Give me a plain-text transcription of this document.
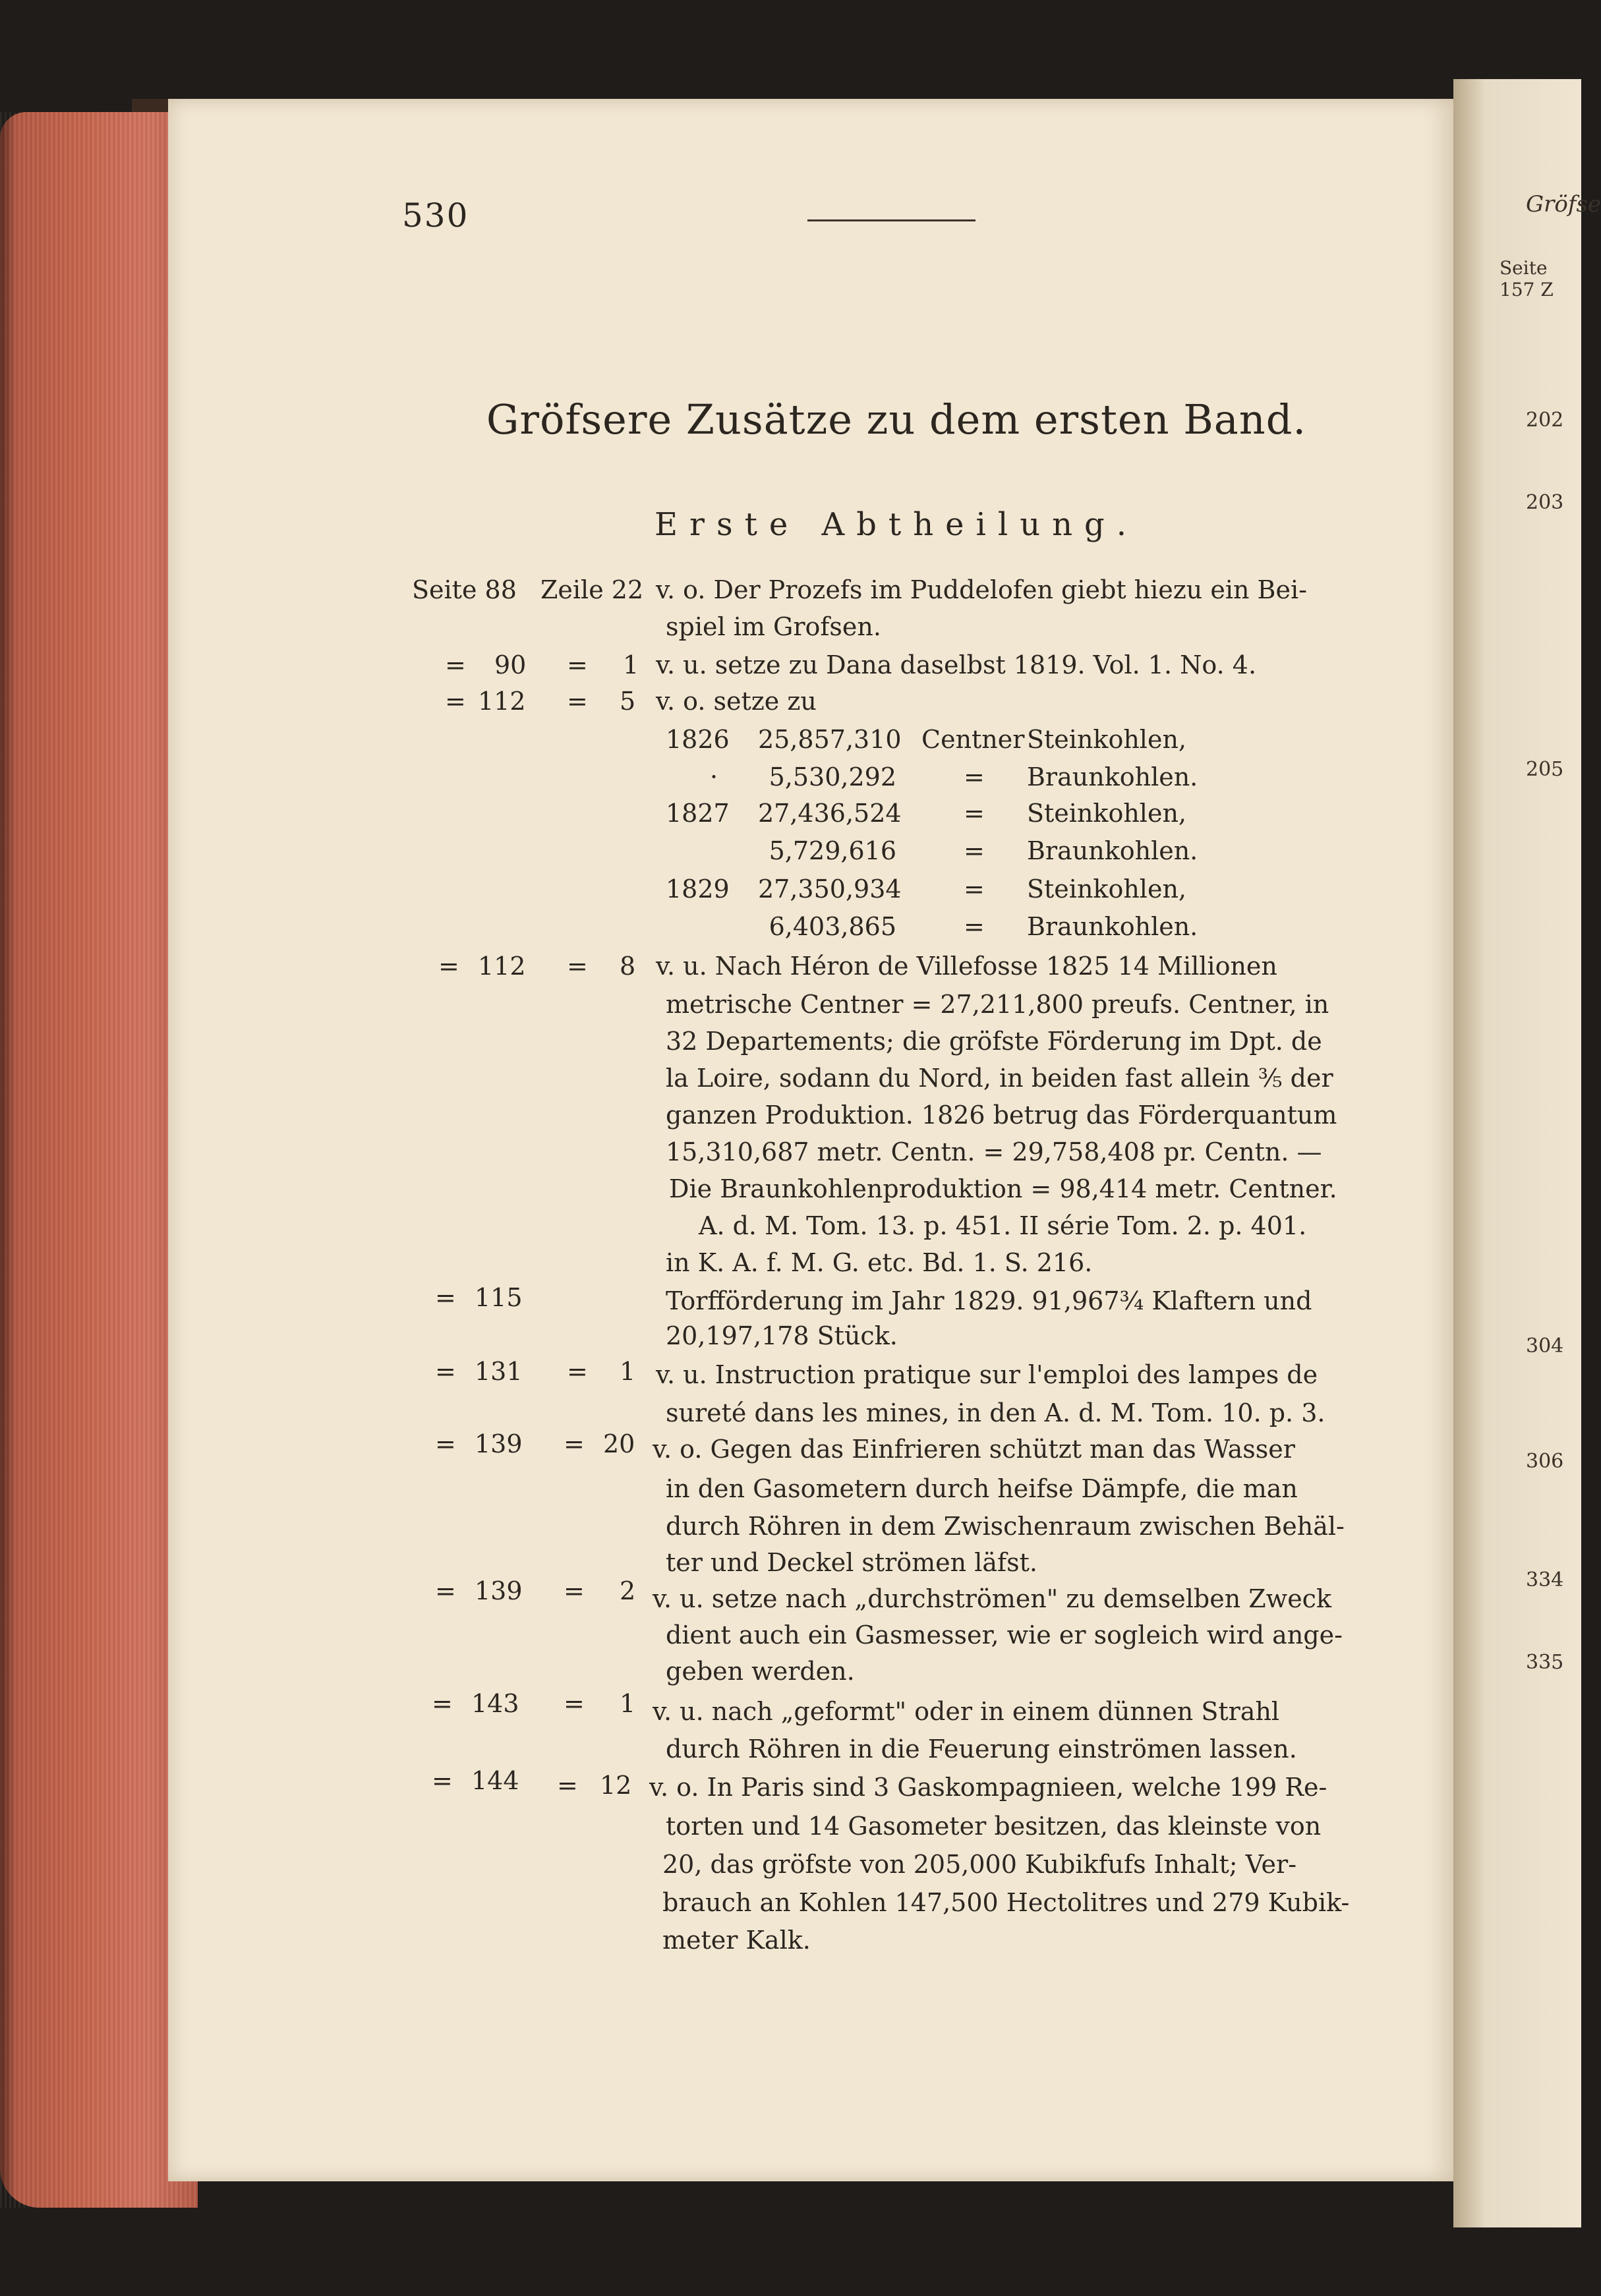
Gröfse
Seite 157 Z
202
203
205
304
306
334
335
530
Gröfsere Zusätze zu dem ersten Band.
Erste Abtheilung.
Seite 88 Zeile 22 v. o. Der Prozefs im Puddelofen giebt hiezu ein Bei-
spiel im Grofsen.
= 90 = 1 v. u. setze zu Dana daselbst 1819. Vol. 1. No. 4.
= 112 = 5 v. o. setze zu
1826 25,857,310 Centner Steinkohlen,
·	5,530,292	= Braunkohlen.
1827 27,436,524 = Steinkohlen,
5,729,616	= Braunkohlen.
1829 27,350,934 = Steinkohlen,
6,403,865	= Braunkohlen.
= 112 = 8 v. u. Nach Héron de Villefosse 1825 14 Millionen
metrische Centner = 27,211,800 preufs. Centner, in
32 Departements; die gröfste Förderung im Dpt. de
la Loire, sodann du Nord, in beiden fast allein ⅗ der
ganzen Produktion. 1826 betrug das Förderquantum
15,310,687 metr. Centn. = 29,758,408 pr. Centn. —
Die Braunkohlenproduktion = 98,414 metr. Centner.
A. d. M. Tom. 13. p. 451. II série Tom. 2. p. 401.
in K. A. f. M. G. etc. Bd. 1. S. 216.
= 115	Torfförderung im Jahr 1829. 91,967¾ Klaftern und
20,197,178 Stück.
= 131 = 1 v. u. Instruction pratique sur l'emploi des lampes de
sureté dans les mines, in den A. d. M. Tom. 10. p. 3.
= 139 = 20 v. o. Gegen das Einfrieren schützt man das Wasser
in den Gasometern durch heifse Dämpfe, die man
durch Röhren in dem Zwischenraum zwischen Behäl-
ter und Deckel strömen läfst.
= 139 = 2 v. u. setze nach „durchströmen" zu demselben Zweck
dient auch ein Gasmesser, wie er sogleich wird ange-
geben werden.
= 143 = 1 v. u. nach „geformt" oder in einem dünnen Strahl
durch Röhren in die Feuerung einströmen lassen.
= 144 = 12 v. o. In Paris sind 3 Gaskompagnieen, welche 199 Re-
torten und 14 Gasometer besitzen, das kleinste von
20, das gröfste von 205,000 Kubikfufs Inhalt; Ver-
brauch an Kohlen 147,500 Hectolitres und 279 Kubik-
meter Kalk.
